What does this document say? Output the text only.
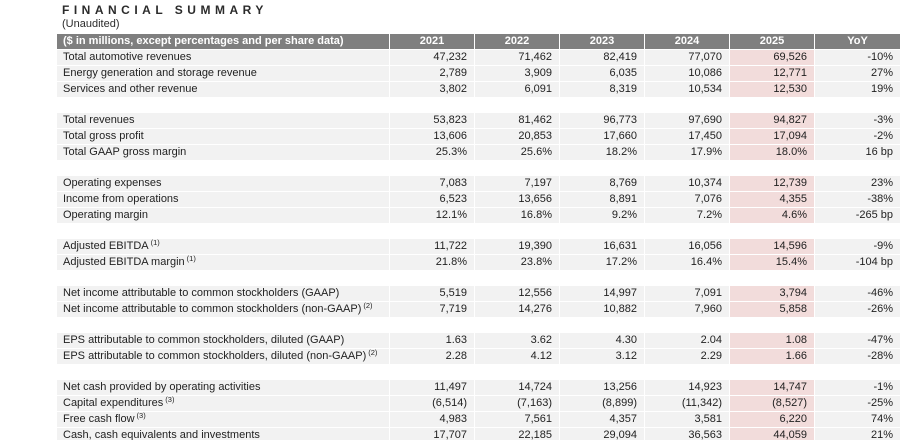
FINANCIAL SUMMARY
(Unaudited)
($ in millions, except percentages and per share data)	2021	2022	2023	2024	2025	YoY
Total automotive revenues	47,232	71,462	82,419	77,070	69,526	-10%
Energy generation and storage revenue	2,789	3,909	6,035	10,086	12,771	27%
Services and other revenue	3,802	6,091	8,319	10,534	12,530	19%
Total revenues	53,823	81,462	96,773	97,690	94,827	-3%
Total gross profit	13,606	20,853	17,660	17,450	17,094	-2%
Total GAAP gross margin	25.3%	25.6%	18.2%	17.9%	18.0%	16 bp
Operating expenses	7,083	7,197	8,769	10,374	12,739	23%
Income from operations	6,523	13,656	8,891	7,076	4,355	-38%
Operating margin	12.1%	16.8%	9.2%	7.2%	4.6%	-265 bp
Adjusted EBITDA $^{(1)}$	11,722	19,390	16,631	16,056	14,596	-9%
Adjusted EBITDA margin $^{(1)}$	21.8%	23.8%	17.2%	16.4%	15.4%	-104 bp
Net income attributable to common stockholders (GAAP)	5,519	12,556	14,997	7,091	3,794	-46%
Net income attributable to common stockholders (non-GAAP) $^{(2)}$	7,719	14,276	10,882	7,960	5,858	-26%
EPS attributable to common stockholders, diluted (GAAP)	1.63	3.62	4.30	2.04	1.08	-47%
EPS attributable to common stockholders, diluted (non-GAAP) $^{(2)}$	2.28	4.12	3.12	2.29	1.66	-28%
Net cash provided by operating activities	11,497	14,724	13,256	14,923	14,747	-1%
Capital expenditures $^{(3)}$	(6,514)	(7,163)	(8,899)	(11,342)	(8,527)	-25%
Free cash flow $^{(3)}$	4,983	7,561	4,357	3,581	6,220	74%
Cash, cash equivalents and investments	17,707	22,185	29,094	36,563	44,059	21%
